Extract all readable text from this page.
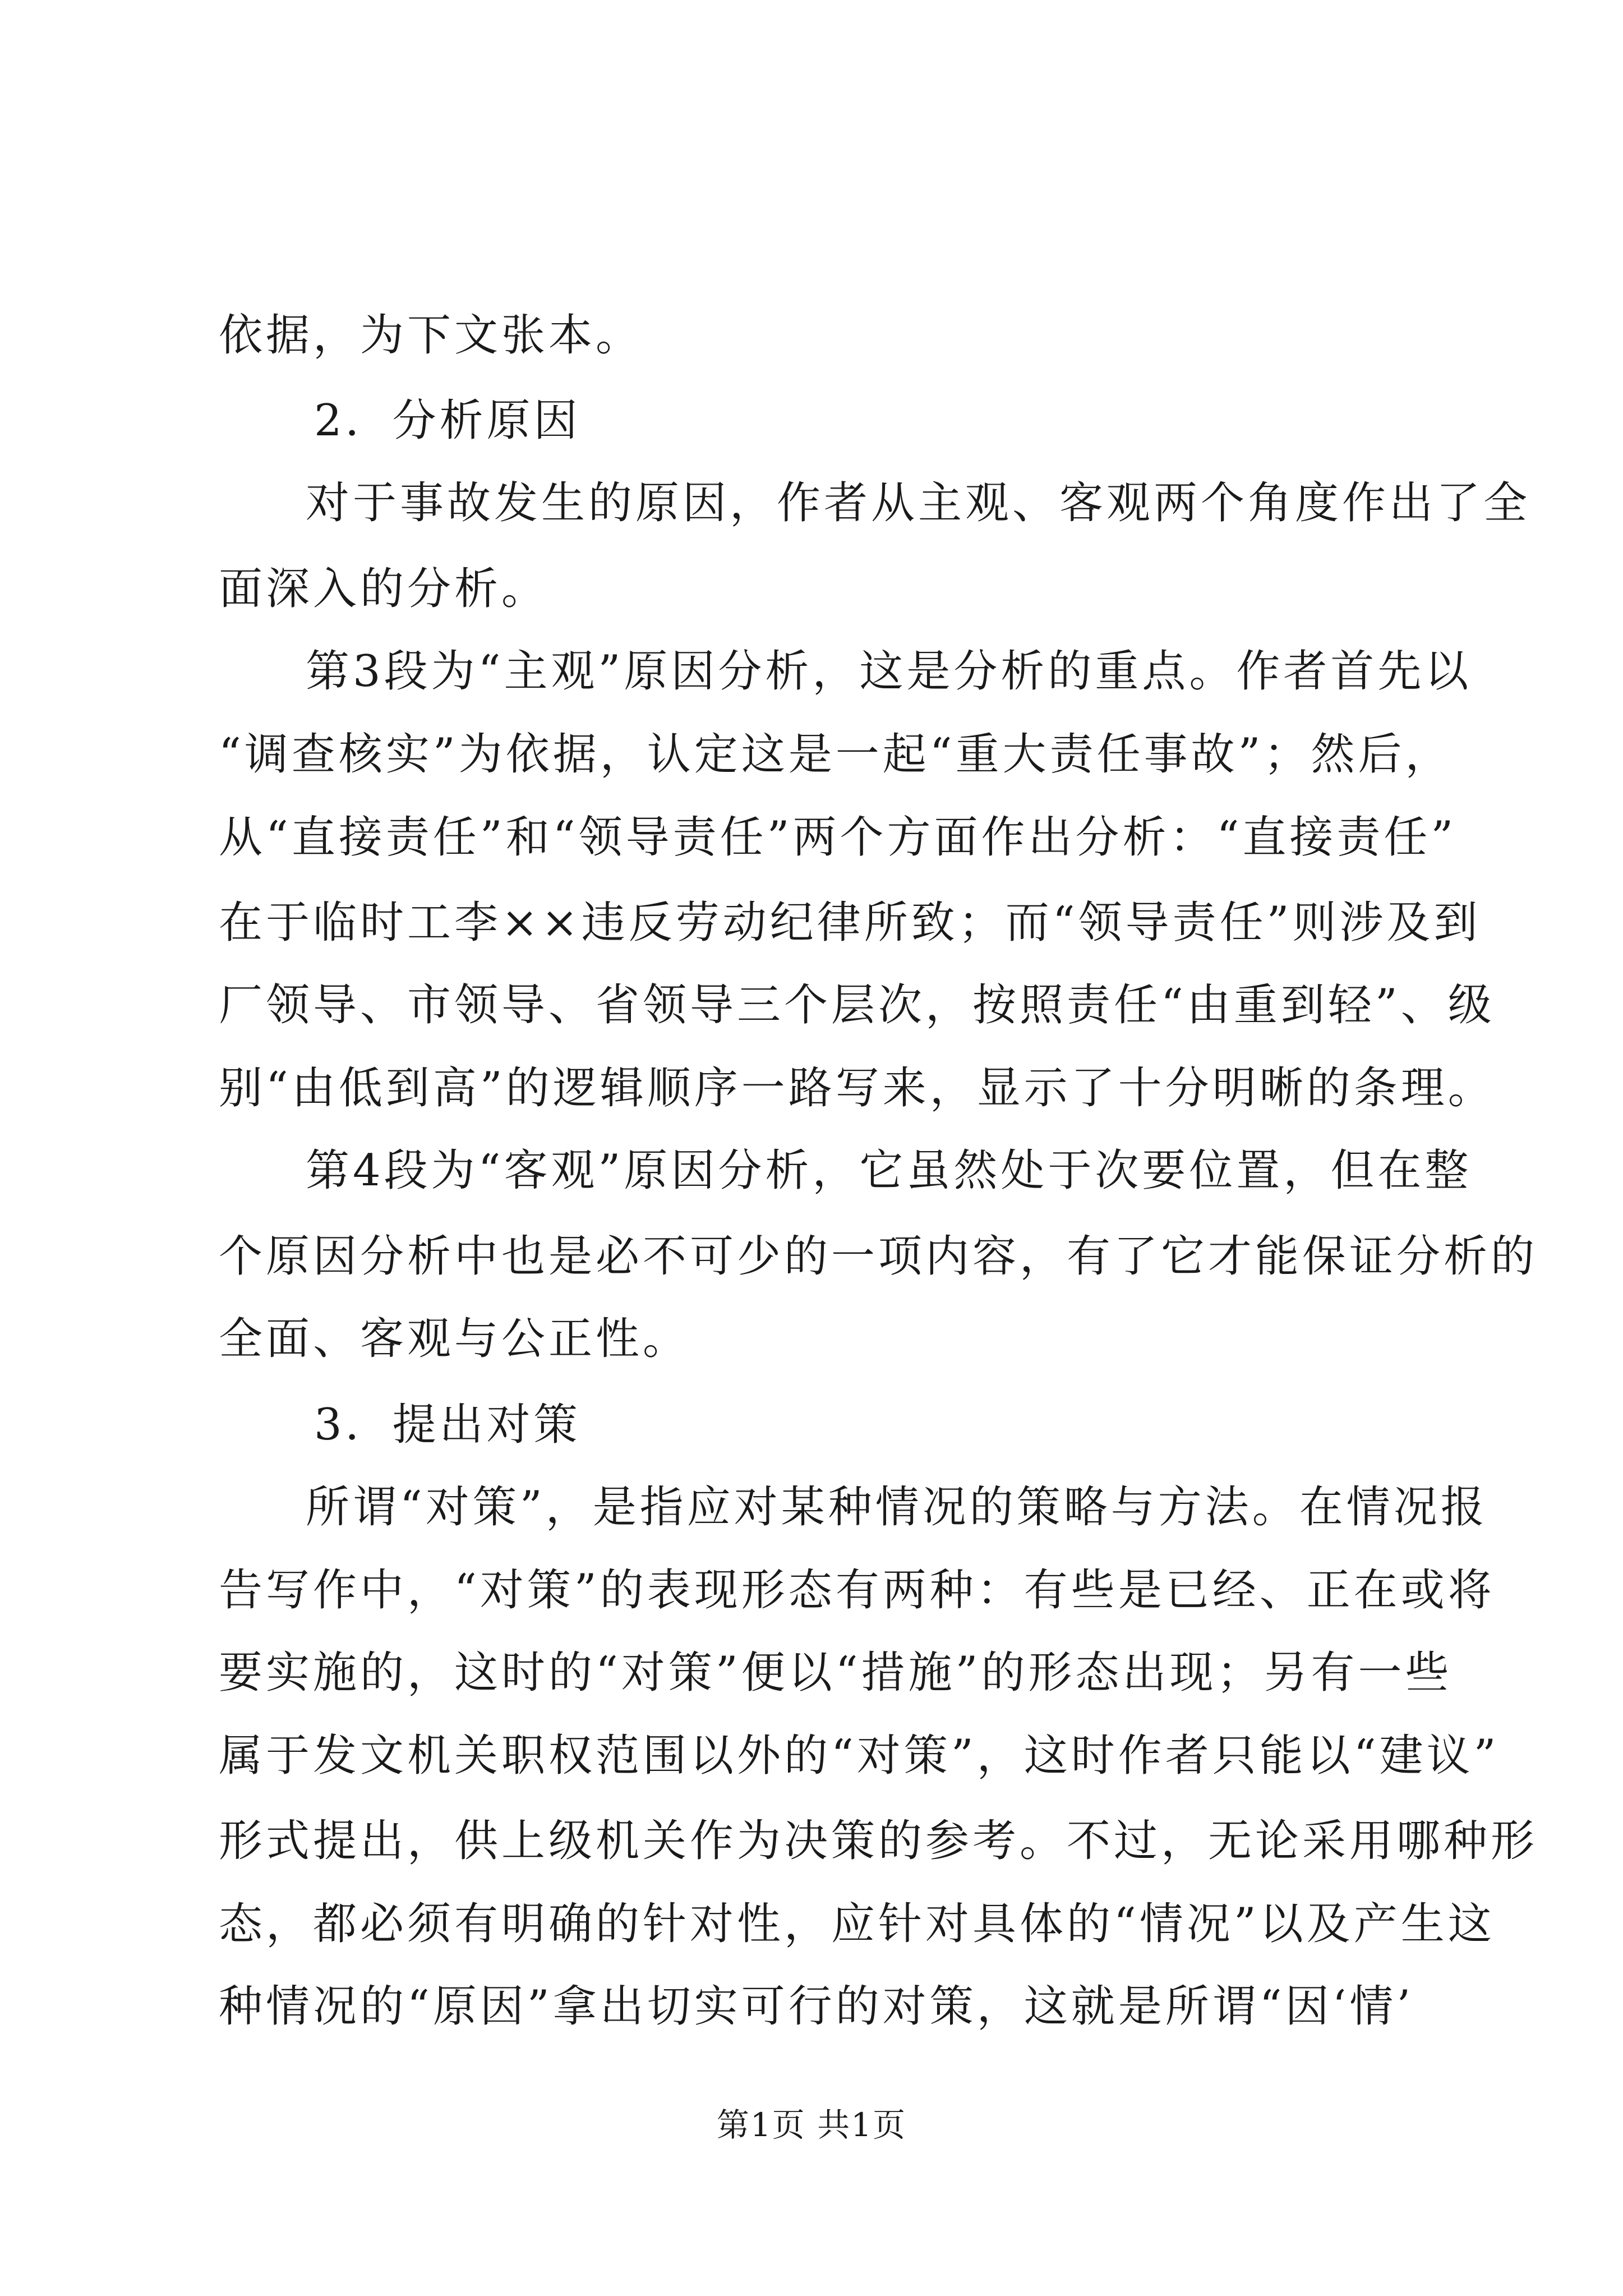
依据，为下文张本。
2．分析原因
对于事故发生的原因，作者从主观、客观两个角度作出了全
面深入的分析。
第3段为“主观”原因分析，这是分析的重点。作者首先以
“调查核实”为依据，认定这是一起“重大责任事故”；然后，
从“直接责任”和“领导责任”两个方面作出分析：“直接责任”
在于临时工李××违反劳动纪律所致；而“领导责任”则涉及到
厂领导、市领导、省领导三个层次，按照责任“由重到轻”、级
别“由低到高”的逻辑顺序一路写来，显示了十分明晰的条理。
第4段为“客观”原因分析，它虽然处于次要位置，但在整
个原因分析中也是必不可少的一项内容，有了它才能保证分析的
全面、客观与公正性。
3．提出对策
所谓“对策”，是指应对某种情况的策略与方法。在情况报
告写作中，“对策”的表现形态有两种：有些是已经、正在或将
要实施的，这时的“对策”便以“措施”的形态出现；另有一些
属于发文机关职权范围以外的“对策”，这时作者只能以“建议”
形式提出，供上级机关作为决策的参考。不过，无论采用哪种形
态，都必须有明确的针对性，应针对具体的“情况”以及产生这
种情况的“原因”拿出切实可行的对策，这就是所谓“因‘情’
第1页 共1页
